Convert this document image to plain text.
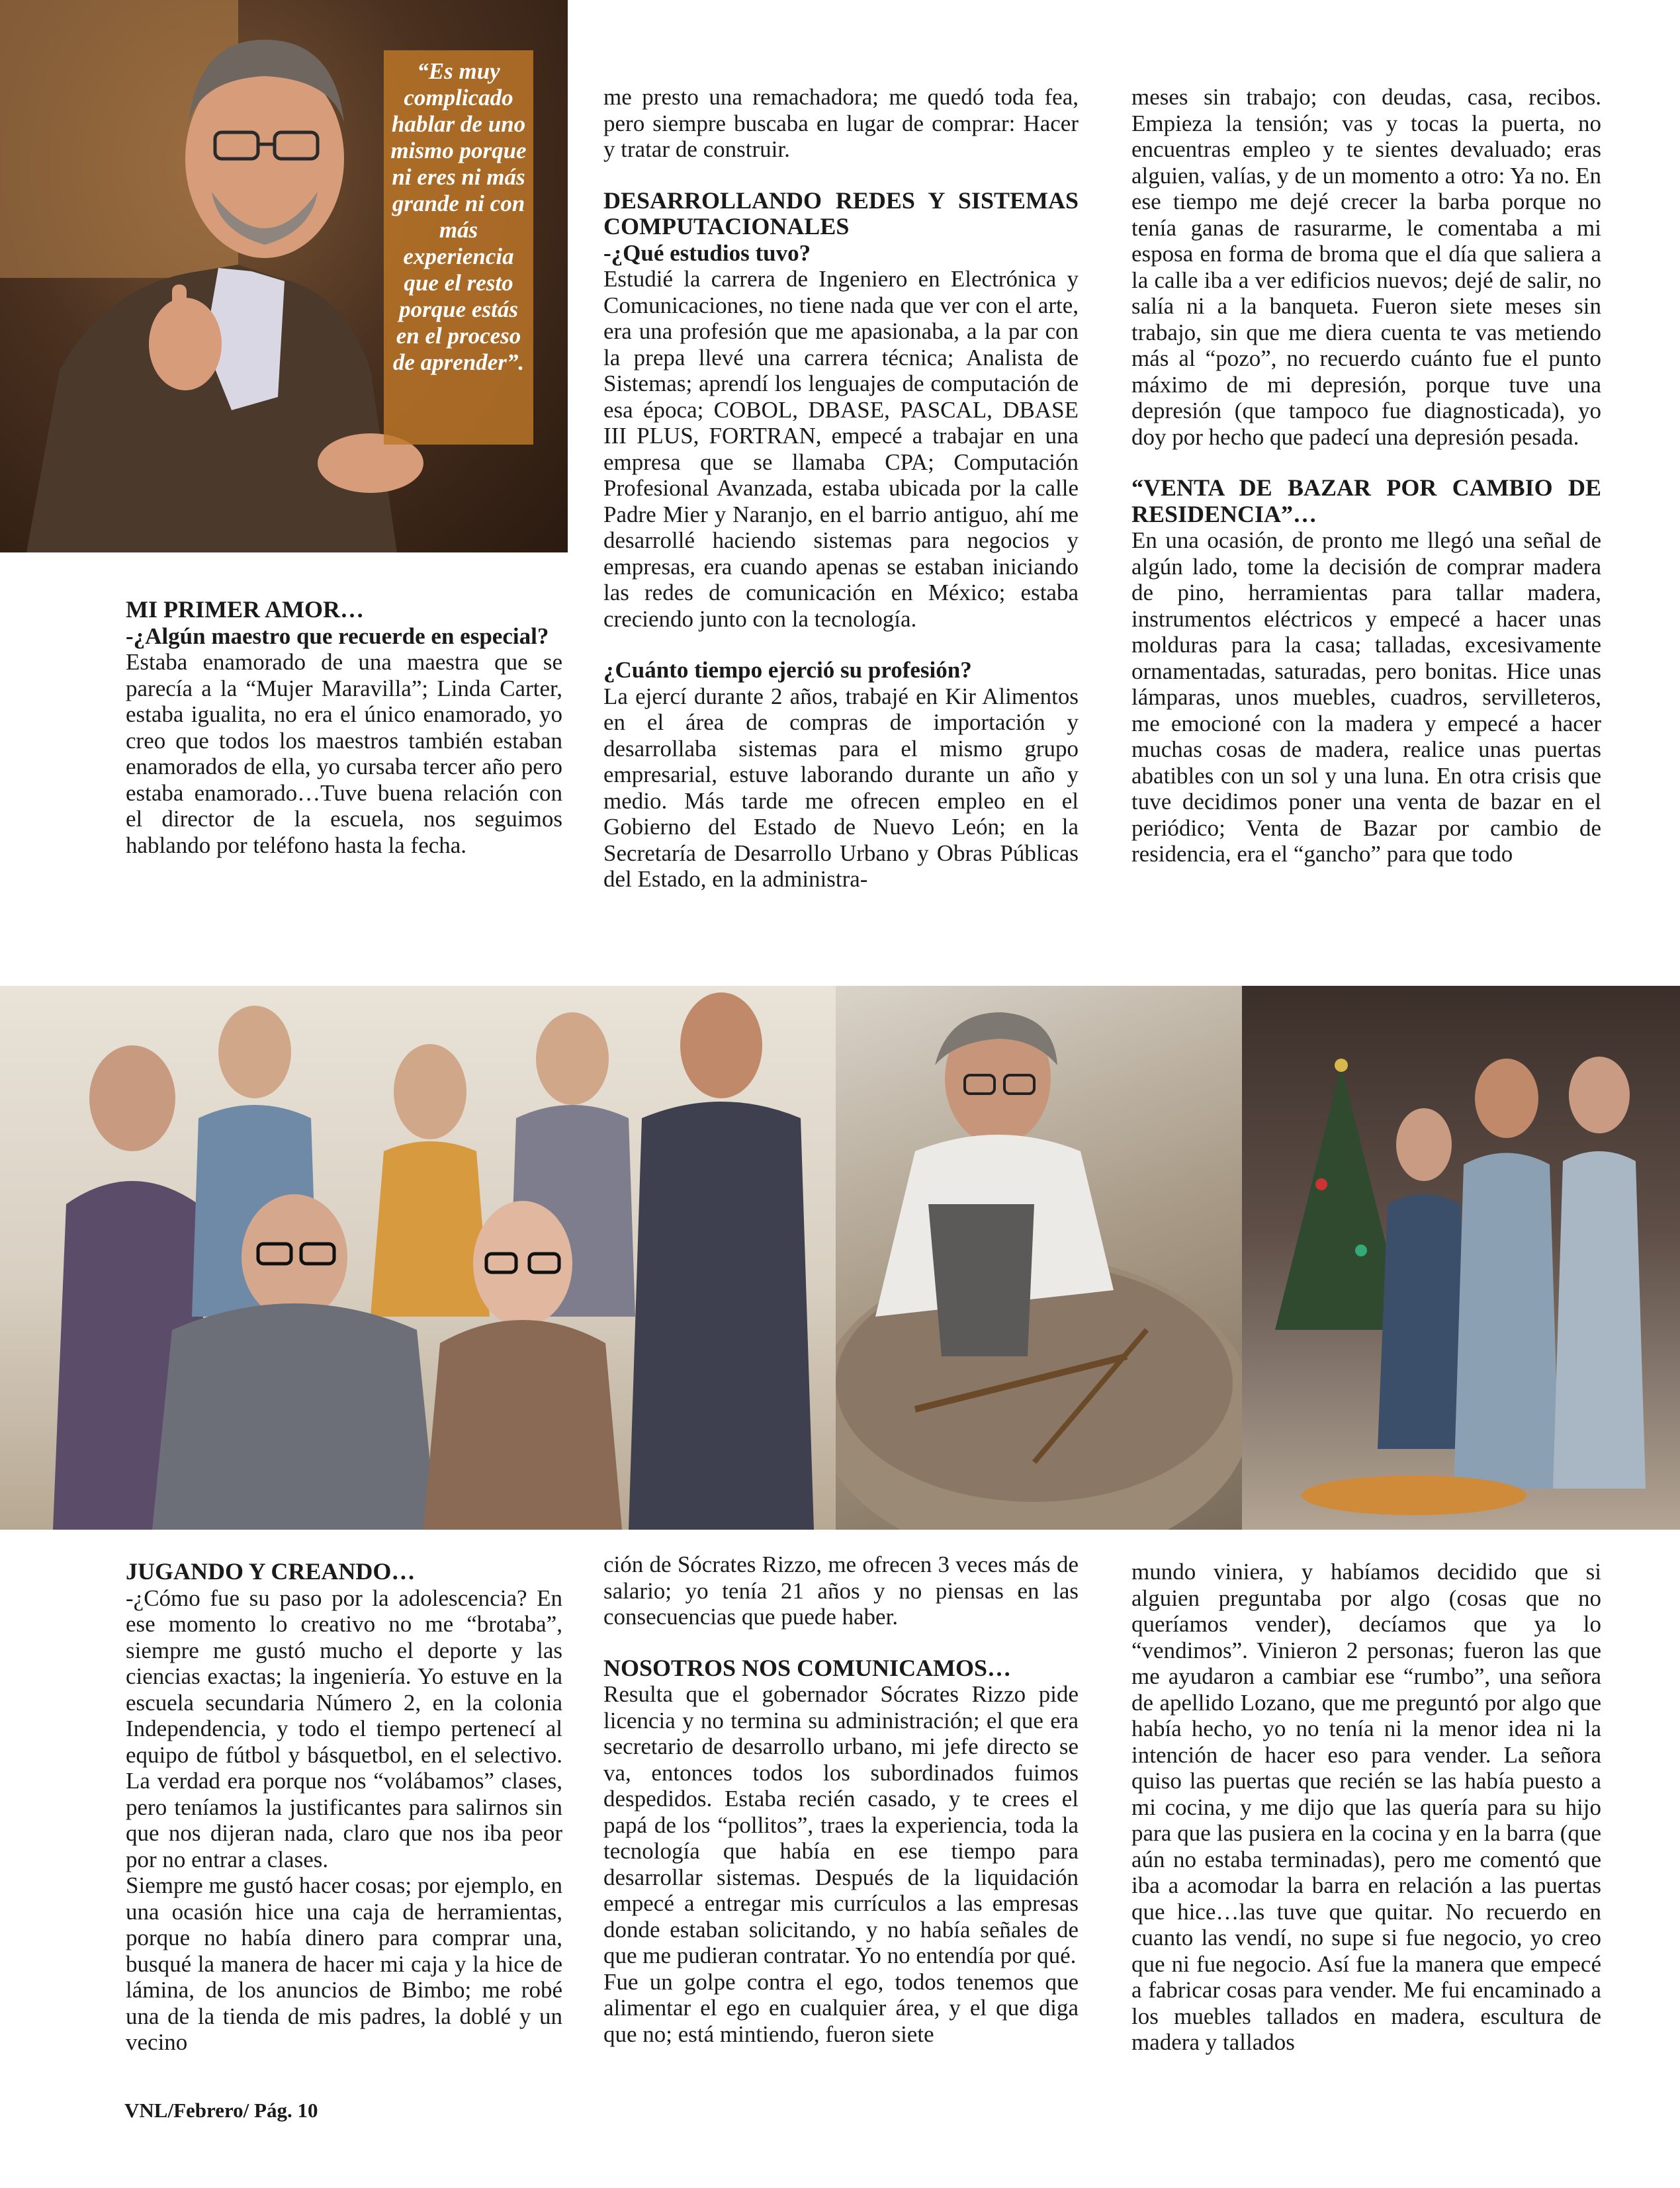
“Es muy complicado hablar de uno mismo porque ni eres ni más grande ni con más experiencia que el resto porque estás en el proceso de aprender”.
MI PRIMER AMOR…
-¿Algún maestro que recuerde en especial?

Estaba enamorado de una maestra que se parecía a la “Mujer Maravilla”; Linda Carter, estaba igualita, no era el único enamorado, yo creo que todos los maestros también estaban enamorados de ella, yo cursaba tercer año pero estaba enamorado…Tuve buena relación con el director de la escuela, nos seguimos hablando por teléfono hasta la fecha.

me presto una remachadora; me quedó toda fea, pero siempre buscaba en lugar de comprar: Hacer y tratar de construir.

DESARROLLANDO REDES Y SISTEMAS COMPUTACIONALES
-¿Qué estudios tuvo?

Estudié la carrera de Ingeniero en Electrónica y Comunicaciones, no tiene nada que ver con el arte, era una profesión que me apasionaba, a la par con la prepa llevé una carrera técnica; Analista de Sistemas; aprendí los lenguajes de computación de esa época; COBOL, DBASE, PASCAL, DBASE III PLUS, FORTRAN, empecé a trabajar en una empresa que se llamaba CPA; Computación Profesional Avanzada, estaba ubicada por la calle Padre Mier y Naranjo, en el barrio antiguo, ahí me desarrollé haciendo sistemas para negocios y empresas, era cuando apenas se estaban iniciando las redes de comunicación en México; estaba creciendo junto con la tecnología.

¿Cuánto tiempo ejerció su profesión?

La ejercí durante 2 años, trabajé en Kir Alimentos en el área de compras de importación y desarrollaba sistemas para el mismo grupo empresarial, estuve laborando durante un año y medio. Más tarde me ofrecen empleo en el Gobierno del Estado de Nuevo León; en la Secretaría de Desarrollo Urbano y Obras Públicas del Estado, en la administra-

meses sin trabajo; con deudas, casa, recibos. Empieza la tensión; vas y tocas la puerta, no encuentras empleo y te sientes devaluado; eras alguien, valías, y de un momento a otro: Ya no. En ese tiempo me dejé crecer la barba porque no tenía ganas de rasurarme, le comentaba a mi esposa en forma de broma que el día que saliera a la calle iba a ver edificios nuevos; dejé de salir, no salía ni a la banqueta. Fueron siete meses sin trabajo, sin que me diera cuenta te vas metiendo más al “pozo”, no recuerdo cuánto fue el punto máximo de mi depresión, porque tuve una depresión (que tampoco fue diagnosticada), yo doy por hecho que padecí una depresión pesada.

“VENTA DE BAZAR POR CAMBIO DE RESIDENCIA”…

En una ocasión, de pronto me llegó una señal de algún lado, tome la decisión de comprar madera de pino, herramientas para tallar madera, instrumentos eléctricos y empecé a hacer unas molduras para la casa; talladas, excesivamente ornamentadas, saturadas, pero bonitas. Hice unas lámparas, unos muebles, cuadros, servilleteros, me emocioné con la madera y empecé a hacer muchas cosas de madera, realice unas puertas abatibles con un sol y una luna. En otra crisis que tuve decidimos poner una venta de bazar en el periódico; Venta de Bazar por cambio de residencia, era el “gancho” para que todo

JUGANDO Y CREANDO…

-¿Cómo fue su paso por la adolescencia? En ese momento lo creativo no me “brotaba”, siempre me gustó mucho el deporte y las ciencias exactas; la ingeniería. Yo estuve en la escuela secundaria Número 2, en la colonia Independencia, y todo el tiempo pertenecí al equipo de fútbol y básquetbol, en el selectivo. La verdad era porque nos “volábamos” clases, pero teníamos la justificantes para salirnos sin que nos dijeran nada, claro que nos iba peor por no entrar a clases.

Siempre me gustó hacer cosas; por ejemplo, en una ocasión hice una caja de herramientas, porque no había dinero para comprar una, busqué la manera de hacer mi caja y la hice de lámina, de los anuncios de Bimbo; me robé una de la tienda de mis padres, la doblé y un vecino

ción de Sócrates Rizzo, me ofrecen 3 veces más de salario; yo tenía 21 años y no piensas en las consecuencias que puede haber.

NOSOTROS NOS COMUNICAMOS…

Resulta que el gobernador Sócrates Rizzo pide licencia y no termina su administración; el que era secretario de desarrollo urbano, mi jefe directo se va, entonces todos los subordinados fuimos despedidos. Estaba recién casado, y te crees el papá de los “pollitos”, traes la experiencia, toda la tecnología que había en ese tiempo para desarrollar sistemas. Después de la liquidación empecé a entregar mis currículos a las empresas donde estaban solicitando, y no había señales de que me pudieran contratar. Yo no entendía por qué.

Fue un golpe contra el ego, todos tenemos que alimentar el ego en cualquier área, y el que diga que no; está mintiendo, fueron siete

mundo viniera, y habíamos decidido que si alguien preguntaba por algo (cosas que no queríamos vender), decíamos que ya lo “vendimos”. Vinieron 2 personas; fueron las que me ayudaron a cambiar ese “rumbo”, una señora de apellido Lozano, que me preguntó por algo que había hecho, yo no tenía ni la menor idea ni la intención de hacer eso para vender. La señora quiso las puertas que recién se las había puesto a mi cocina, y me dijo que las quería para su hijo para que las pusiera en la cocina y en la barra (que aún no estaba terminadas), pero me comentó que iba a acomodar la barra en relación a las puertas que hice…las tuve que quitar. No recuerdo en cuanto las vendí, no supe si fue negocio, yo creo que ni fue negocio. Así fue la manera que empecé a fabricar cosas para vender. Me fui encaminado a los muebles tallados en madera, escultura de madera y tallados

VNL/Febrero/ Pág. 10
